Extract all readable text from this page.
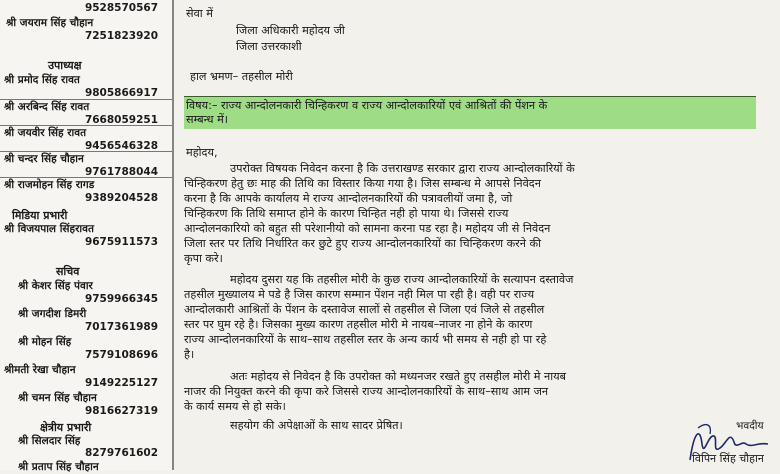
9528570567
श्री जयराम सिंह चौहान
7251823920
उपाध्यक्ष
श्री प्रमोद सिंह रावत
9805866917
श्री अरबिन्द सिंह रावत
7668059251
श्री जयवीर सिंह रावत
9456546328
श्री चन्दर सिंह चौहान
9761788044
श्री राजमोहन सिंह रागड
9389204528
मिडिया प्रभारी
श्री विजयपाल सिंहरावत
9675911573
सचिव
श्री केशर सिंह पंवार
9759966345
श्री जगदीश डिमरी
7017361989
श्री मोहन सिंह
7579108696
श्रीमती रेखा चौहान
9149225127
श्री चमन सिंह चौहान
9816627319
क्षेत्रीय प्रभारी
श्री सिलदार सिंह
8279761602
श्री प्रताप सिंह चौहान
सेवा में
जिला अधिकारी महोदय जी
जिला उत्तरकाशी
हाल भ्रमण– तहसील मोरी
विषय:– राज्य आन्दोलनकारी चिन्हिकरण व राज्य आन्दोलकारियों एवं आश्रितों की पेंशन के
सम्बन्ध में।
महोदय,
उपरोक्त विषयक निवेदन करना है कि उत्तराखण्ड सरकार द्वारा राज्य आन्दोलकारियों के
चिन्हिकरण हेतु छः माह की तिथि का विस्तार किया गया है। जिस सम्बन्ध मे आपसे निवेदन
करना है कि आपके कार्यालय मे राज्य आन्दोलनकारियों की पत्रावलीयों जमा है, जो
चिन्हिकरण कि तिथि समाप्त होने के कारण चिन्हित नही हो पाया थे। जिससे राज्य
आन्दोलनकारियो को बहुत सी परेशानीयो को सामना करना पड रहा है। महोदय जी से निवेदन
जिला स्तर पर तिथि निर्धारित कर छुटे हुए राज्य आन्दोलनकारियों का चिन्हिकरण करने की
कृपा करे।
महोदय दुसरा यह कि तहसील मोरी के कुछ राज्य आन्दोलकारियों के सत्यापन दस्तावेज
तहसील मुख्यालय मे पडे है जिस कारण सम्मान पेंशन नही मिल पा रही है। वही पर राज्य
आन्दोलकारी आश्रितों के पेंशन के दस्तावेज सालों से तहसील से जिला एवं जिले से तहसील
स्तर पर घुम रहे है। जिसका मुख्य कारण तहसील मोरी मे नायब–नाजर ना होने के कारण
राज्य आन्दोलनकारियों के साथ–साथ तहसील स्तर के अन्य कार्य भी समय से नही हो पा रहे
है।
अतः महोदय से निवेदन है कि उपरोक्त को मध्यनजर रखते हुए तसहील मोरी मे नायब
नाजर की नियुक्त करने की कृपा करे जिससे राज्य आन्दोलनकारियों के साथ–साथ आम जन
के कार्य समय से हो सके।
सहयोग की अपेक्षाओं के साथ सादर प्रेषित।	भवदीय
विपिन सिंह चौहान
